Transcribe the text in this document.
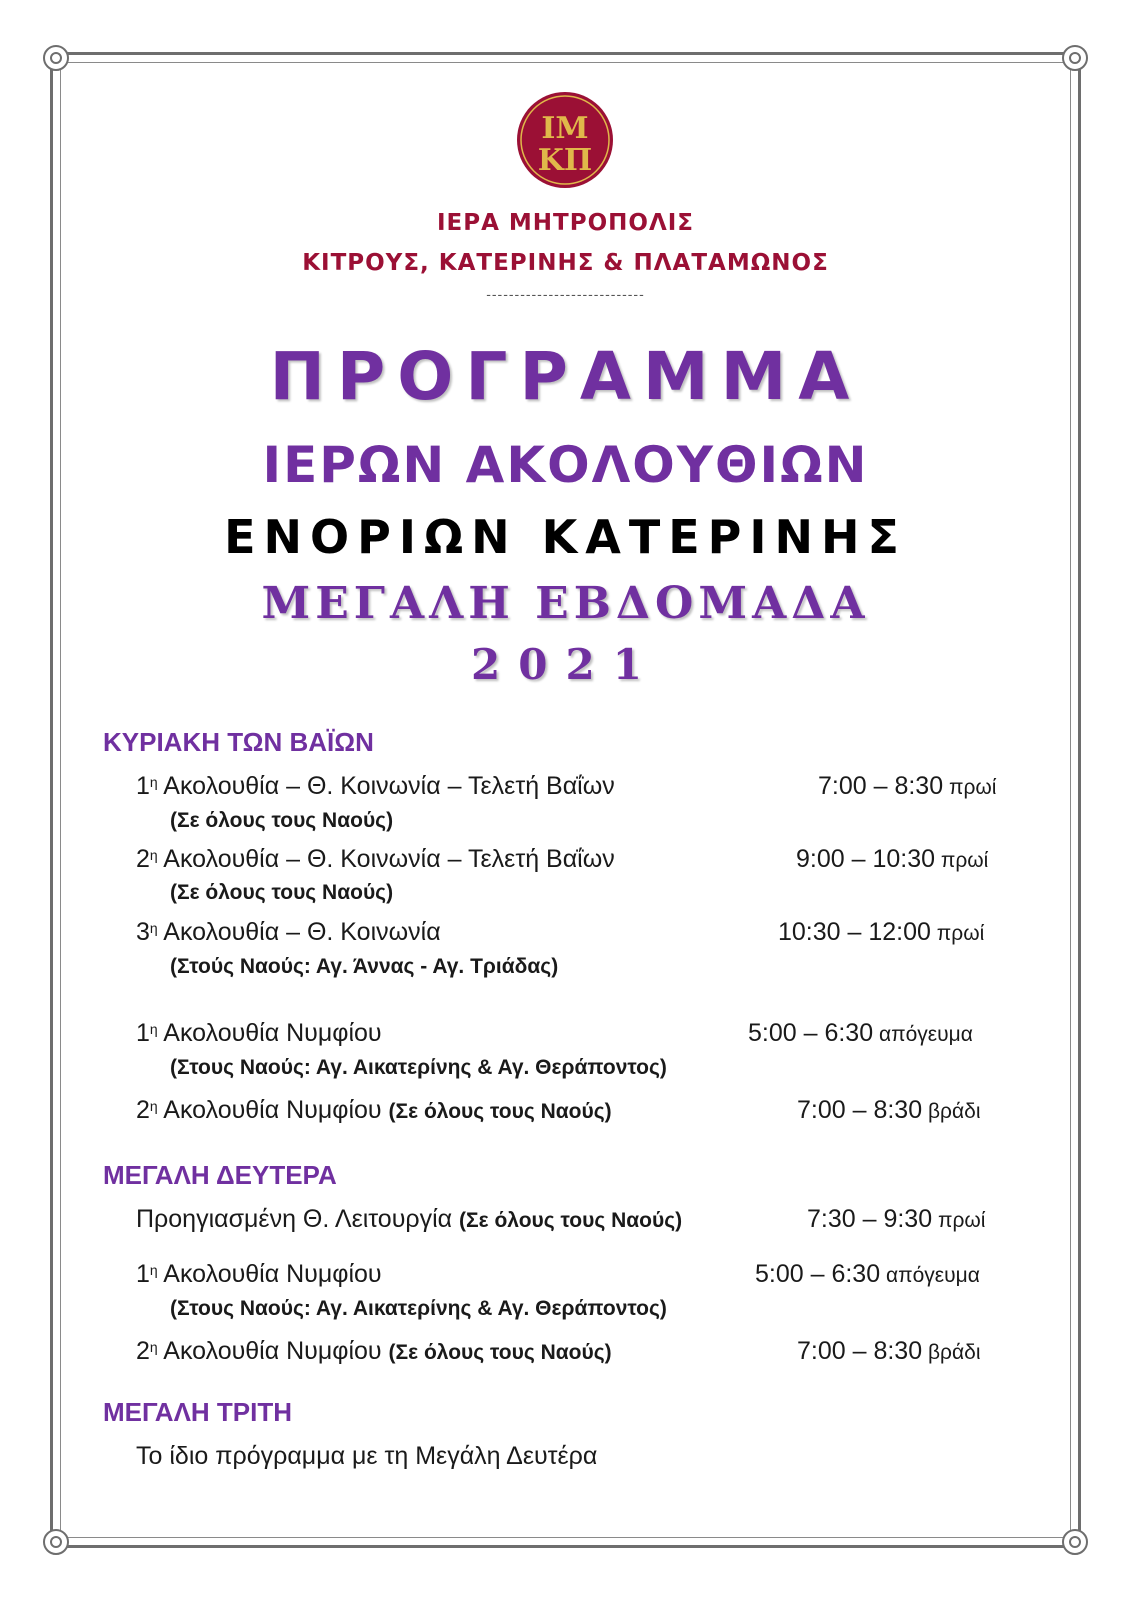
ΙΜ
ΚΠ
ΙΕΡΑ ΜΗΤΡΟΠΟΛΙΣ
ΚΙΤΡΟΥΣ, ΚΑΤΕΡΙΝΗΣ & ΠΛΑΤΑΜΩΝΟΣ
----------------------------
ΠΡΟΓΡΑΜΜΑ
ΙΕΡΩΝ ΑΚΟΛΟΥΘΙΩΝ
ΕΝΟΡΙΩΝ ΚΑΤΕΡΙΝΗΣ
ΜΕΓΑΛΗ ΕΒΔΟΜΑΔΑ
2021
ΚΥΡΙΑΚΗ ΤΩΝ ΒΑΪΩΝ
$1^\eta$ Ακολουθία – Θ. Κοινωνία – Τελετή Βαΐων	7:00 – 8:30 πρωί
(Σε όλους τους Ναούς)
$2^\eta$ Ακολουθία – Θ. Κοινωνία – Τελετή Βαΐων	9:00 – 10:30 πρωί
(Σε όλους τους Ναούς)
$3^\eta$ Ακολουθία – Θ. Κοινωνία	10:30 – 12:00 πρωί
(Στούς Ναούς: Αγ. Άννας - Αγ. Τριάδας)
$1^\eta$ Ακολουθία Νυμφίου	5:00 – 6:30 απόγευμα
(Στους Ναούς: Αγ. Αικατερίνης & Αγ. Θεράποντος)
$2^\eta$ Ακολουθία Νυμφίου (Σε όλους τους Ναούς)	7:00 – 8:30 βράδι
ΜΕΓΑΛΗ ΔΕΥΤΕΡΑ
Προηγιασμένη Θ. Λειτουργία (Σε όλους τους Ναούς)	7:30 – 9:30 πρωί
$1^\eta$ Ακολουθία Νυμφίου	5:00 – 6:30 απόγευμα
(Στους Ναούς: Αγ. Αικατερίνης & Αγ. Θεράποντος)
$2^\eta$ Ακολουθία Νυμφίου (Σε όλους τους Ναούς)	7:00 – 8:30 βράδι
ΜΕΓΑΛΗ ΤΡΙΤΗ
Το ίδιο πρόγραμμα με τη Μεγάλη Δευτέρα
